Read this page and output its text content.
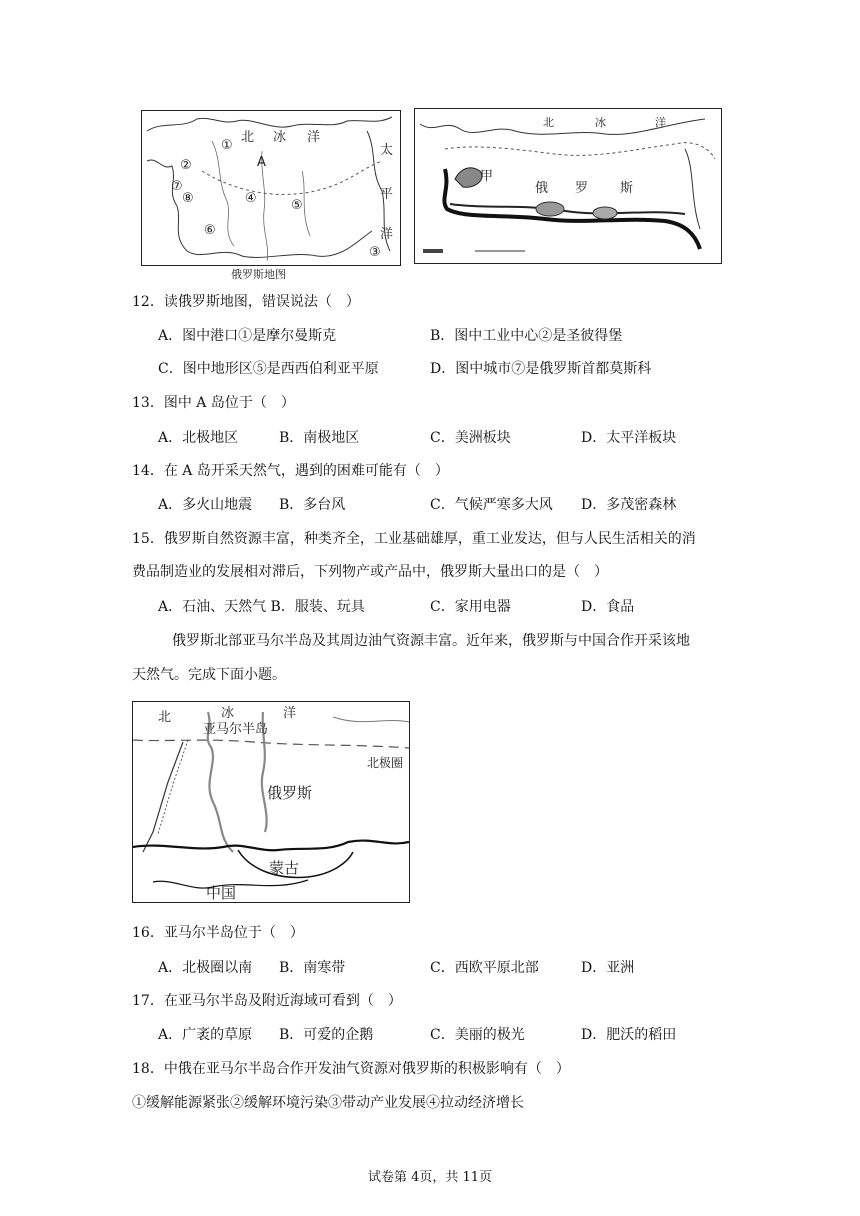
北 冰 洋
太
平
洋
A
①
②
③
④	⑤
⑥
⑦
⑧
俄罗斯地图
北	冰	洋
甲
俄 罗 斯
12．读俄罗斯地图，错误说法（　）
A．图中港口①是摩尔曼斯克	B．图中工业中心②是圣彼得堡
C．图中地形区⑤是西西伯利亚平原	D．图中城市⑦是俄罗斯首都莫斯科
13．图中 A 岛位于（　）
A．北极地区	B．南极地区	C．美洲板块	D．太平洋板块
14．在 A 岛开采天然气，遇到的困难可能有（　）
A．多火山地震 B．多台风	C．气候严寒多大风 D．多茂密森林
15．俄罗斯自然资源丰富，种类齐全，工业基础雄厚，重工业发达，但与人民生活相关的消
费品制造业的发展相对滞后，下列物产或产品中，俄罗斯大量出口的是（　）
A．石油、天然气 B．服装、玩具	C．家用电器	D．食品
俄罗斯北部亚马尔半岛及其周边油气资源丰富。近年来，俄罗斯与中国合作开采该地
天然气。完成下面小题。
北	冰	洋
亚马尔半岛
北极圈
俄罗斯
蒙古
中国
16．亚马尔半岛位于（　）
A．北极圈以南 B．南寒带	C．西欧平原北部	D．亚洲
17．在亚马尔半岛及附近海域可看到（　）
A．广袤的草原 B．可爱的企鹅	C．美丽的极光	D．肥沃的稻田
18．中俄在亚马尔半岛合作开发油气资源对俄罗斯的积极影响有（　）
①缓解能源紧张②缓解环境污染③带动产业发展④拉动经济增长
试卷第 4页，共 11页
